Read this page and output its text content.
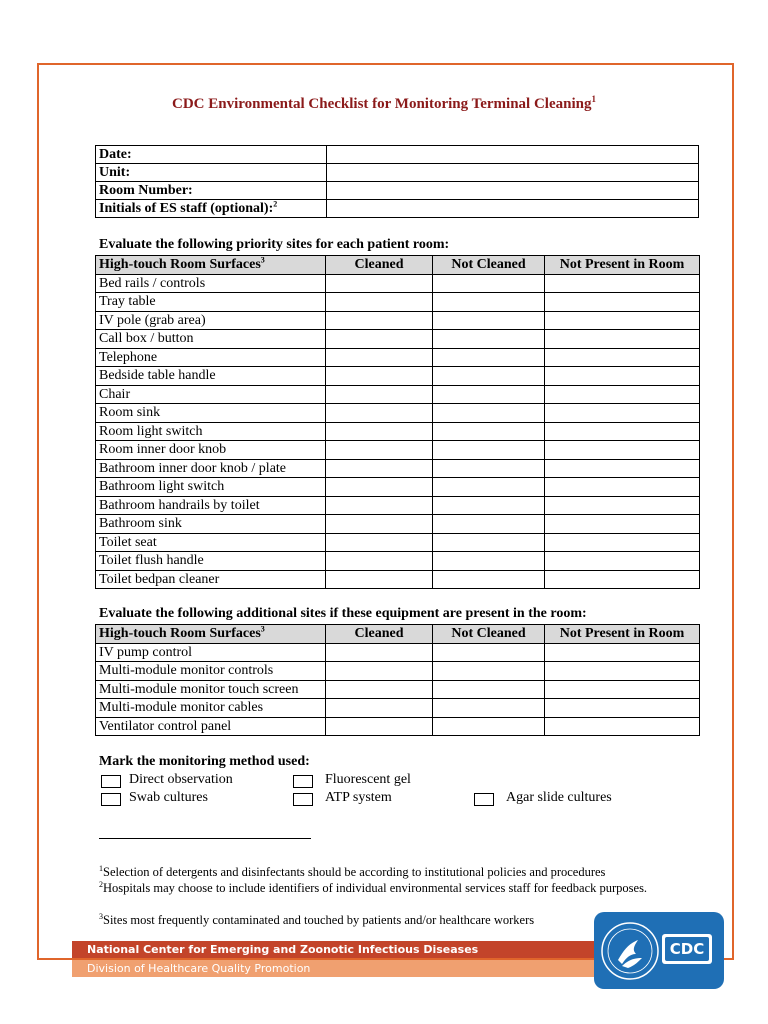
CDC Environmental Checklist for Monitoring Terminal Cleaning$^1$
Date:	
Unit:	
Room Number:	
Initials of ES staff (optional):$^2$	
Evaluate the following priority sites for each patient room:
High-touch Room Surfaces$^3$	Cleaned	Not Cleaned	Not Present in Room
Bed rails / controls			
Tray table			
IV pole (grab area)			
Call box / button			
Telephone			
Bedside table handle			
Chair			
Room sink			
Room light switch			
Room inner door knob			
Bathroom inner door knob / plate			
Bathroom light switch			
Bathroom handrails by toilet			
Bathroom sink			
Toilet seat			
Toilet flush handle			
Toilet bedpan cleaner			
High-touch Room Surfaces$^3$	Cleaned	Not Cleaned	Not Present in Room
IV pump control			
Multi-module monitor controls			
Multi-module monitor touch screen			
Multi-module monitor cables			
Ventilator control panel			
Evaluate the following additional sites if these equipment are present in the room:
Mark the monitoring method used:
Direct observation	Fluorescent gel
Swab cultures	ATP system	Agar slide cultures
$^1$Selection of detergents and disinfectants should be according to institutional policies and procedures
$^2$Hospitals may choose to include identifiers of individual environmental services staff for feedback purposes.
$^3$Sites most frequently contaminated and touched by patients and/or healthcare workers
National Center for Emerging and Zoonotic Infectious Diseases
Division of Healthcare Quality Promotion
CDC
